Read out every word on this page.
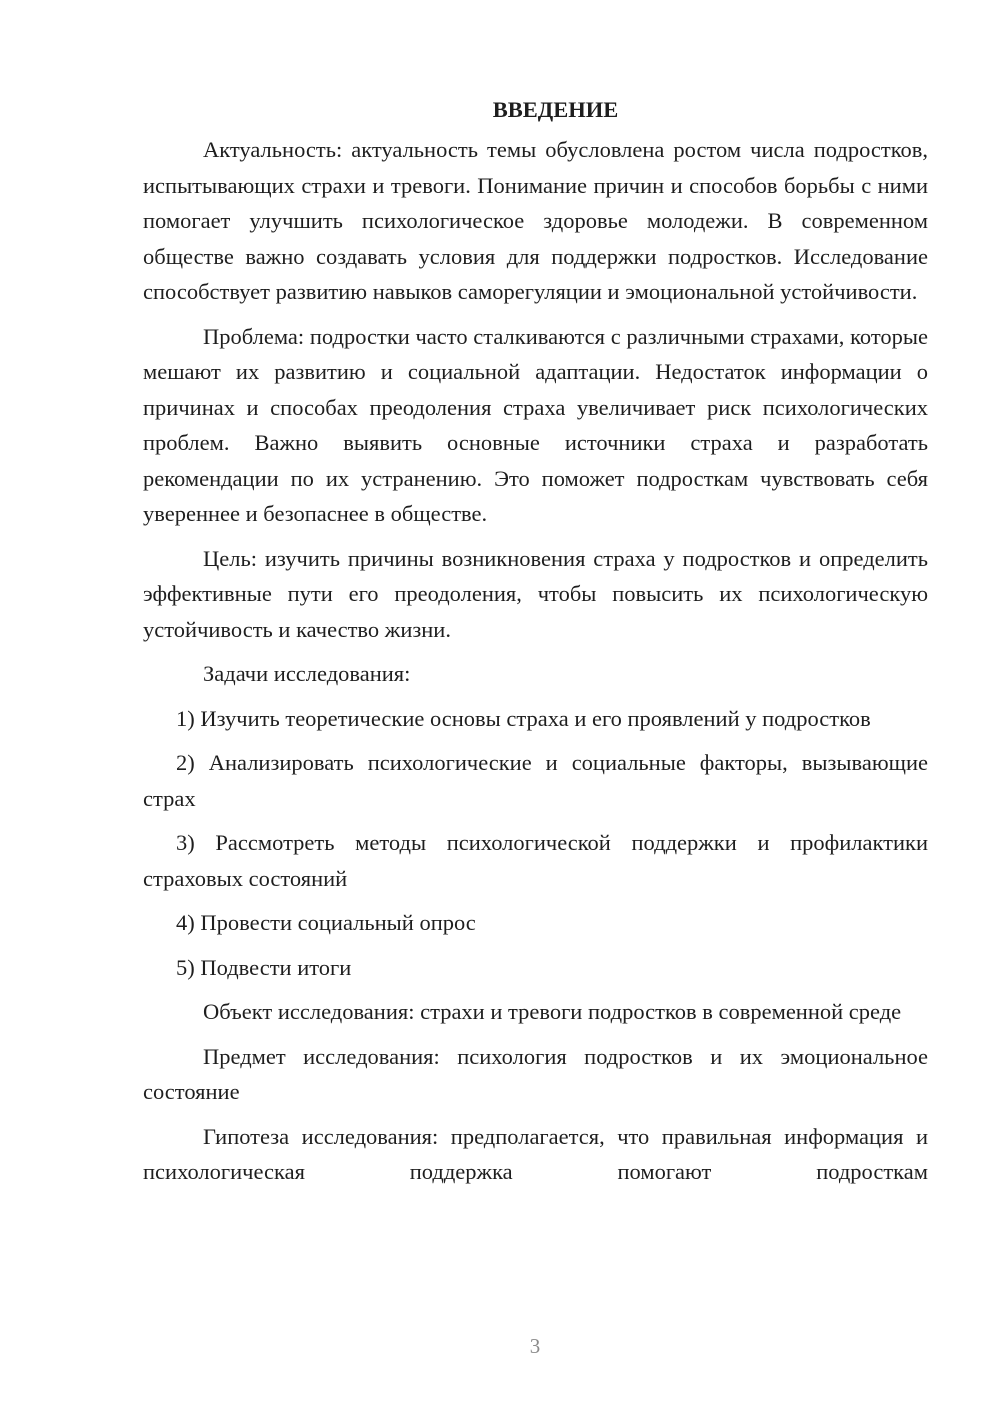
ВВЕДЕНИЕ

Актуальность: актуальность темы обусловлена ростом числа подростков, испытывающих страхи и тревоги. Понимание причин и способов борьбы с ними помогает улучшить психологическое здоровье молодежи. В современном обществе важно создавать условия для поддержки подростков. Исследование способствует развитию навыков саморегуляции и эмоциональной устойчивости.

Проблема: подростки часто сталкиваются с различными страхами, которые мешают их развитию и социальной адаптации. Недостаток информации о причинах и способах преодоления страха увеличивает риск психологических проблем. Важно выявить основные источники страха и разработать рекомендации по их устранению. Это поможет подросткам чувствовать себя увереннее и безопаснее в обществе.

Цель: изучить причины возникновения страха у подростков и определить эффективные пути его преодоления, чтобы повысить их психологическую устойчивость и качество жизни.

Задачи исследования:

1) Изучить теоретические основы страха и его проявлений у подростков

2) Анализировать психологические и социальные факторы, вызывающие страх

3) Рассмотреть методы психологической поддержки и профилактики страховых состояний

4) Провести социальный опрос

5) Подвести итоги

Объект исследования: страхи и тревоги подростков в современной среде

Предмет исследования: психология подростков и их эмоциональное состояние

Гипотеза исследования: предполагается, что правильная информация и психологическая поддержка помогают подросткам

3
